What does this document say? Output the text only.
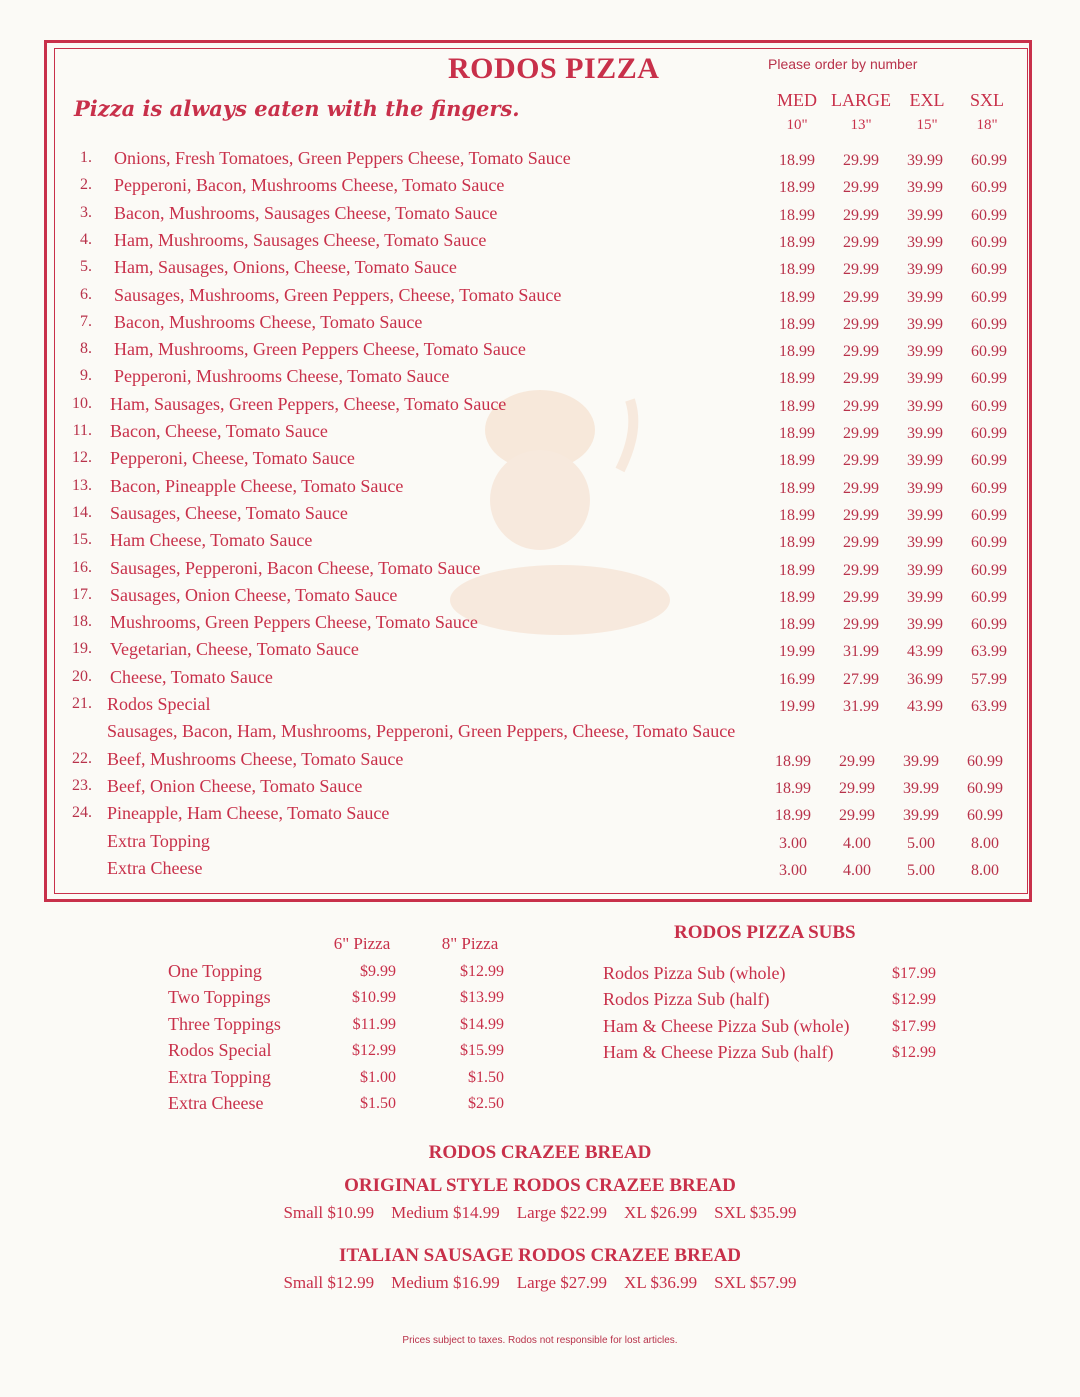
RODOS PIZZA
Pizza is always eaten with the fingers.
Please order by number
MED LARGE	EXL	SXL
10"	13"	15"	18"
1. Onions, Fresh Tomatoes, Green Peppers Cheese, Tomato Sauce	18.99	29.99	39.99	60.99
2. Pepperoni, Bacon, Mushrooms Cheese, Tomato Sauce	18.99	29.99	39.99	60.99
3. Bacon, Mushrooms, Sausages Cheese, Tomato Sauce	18.99	29.99	39.99	60.99
4. Ham, Mushrooms, Sausages Cheese, Tomato Sauce	18.99	29.99	39.99	60.99
5. Ham, Sausages, Onions, Cheese, Tomato Sauce	18.99	29.99	39.99	60.99
6. Sausages, Mushrooms, Green Peppers, Cheese, Tomato Sauce	18.99	29.99	39.99	60.99
7. Bacon, Mushrooms Cheese, Tomato Sauce	18.99	29.99	39.99	60.99
8. Ham, Mushrooms, Green Peppers Cheese, Tomato Sauce	18.99	29.99	39.99	60.99
9. Pepperoni, Mushrooms Cheese, Tomato Sauce	18.99	29.99	39.99	60.99
10. Ham, Sausages, Green Peppers, Cheese, Tomato Sauce	18.99	29.99	39.99	60.99
11. Bacon, Cheese, Tomato Sauce	18.99	29.99	39.99	60.99
12. Pepperoni, Cheese, Tomato Sauce	18.99	29.99	39.99	60.99
13. Bacon, Pineapple Cheese, Tomato Sauce	18.99	29.99	39.99	60.99
14. Sausages, Cheese, Tomato Sauce	18.99	29.99	39.99	60.99
15. Ham Cheese, Tomato Sauce	18.99	29.99	39.99	60.99
16. Sausages, Pepperoni, Bacon Cheese, Tomato Sauce	18.99	29.99	39.99	60.99
17. Sausages, Onion Cheese, Tomato Sauce	18.99	29.99	39.99	60.99
18. Mushrooms, Green Peppers Cheese, Tomato Sauce	18.99	29.99	39.99	60.99
19. Vegetarian, Cheese, Tomato Sauce	19.99	31.99	43.99	63.99
20. Cheese, Tomato Sauce	16.99	27.99	36.99	57.99
21. Rodos Special	19.99	31.99	43.99	63.99
Sausages, Bacon, Ham, Mushrooms, Pepperoni, Green Peppers, Cheese, Tomato Sauce
22. Beef, Mushrooms Cheese, Tomato Sauce	18.99	29.99	39.99	60.99
23. Beef, Onion Cheese, Tomato Sauce	18.99	29.99	39.99	60.99
24. Pineapple, Ham Cheese, Tomato Sauce	18.99	29.99	39.99	60.99
Extra Topping	3.00	4.00	5.00	8.00
Extra Cheese	3.00	4.00	5.00	8.00
6" Pizza	8" Pizza
One Topping	$9.99	$12.99
Two Toppings	$10.99	$13.99
Three Toppings	$11.99	$14.99
Rodos Special	$12.99	$15.99
Extra Topping	$1.00	$1.50
Extra Cheese	$1.50	$2.50
RODOS PIZZA SUBS
Rodos Pizza Sub (whole)	$17.99
Rodos Pizza Sub (half)	$12.99
Ham & Cheese Pizza Sub (whole)	$17.99
Ham & Cheese Pizza Sub (half)	$12.99
RODOS CRAZEE BREAD
ORIGINAL STYLE RODOS CRAZEE BREAD
Small $10.99    Medium $14.99    Large $22.99    XL $26.99    SXL $35.99
ITALIAN SAUSAGE RODOS CRAZEE BREAD
Small $12.99    Medium $16.99    Large $27.99    XL $36.99    SXL $57.99
Prices subject to taxes. Rodos not responsible for lost articles.
